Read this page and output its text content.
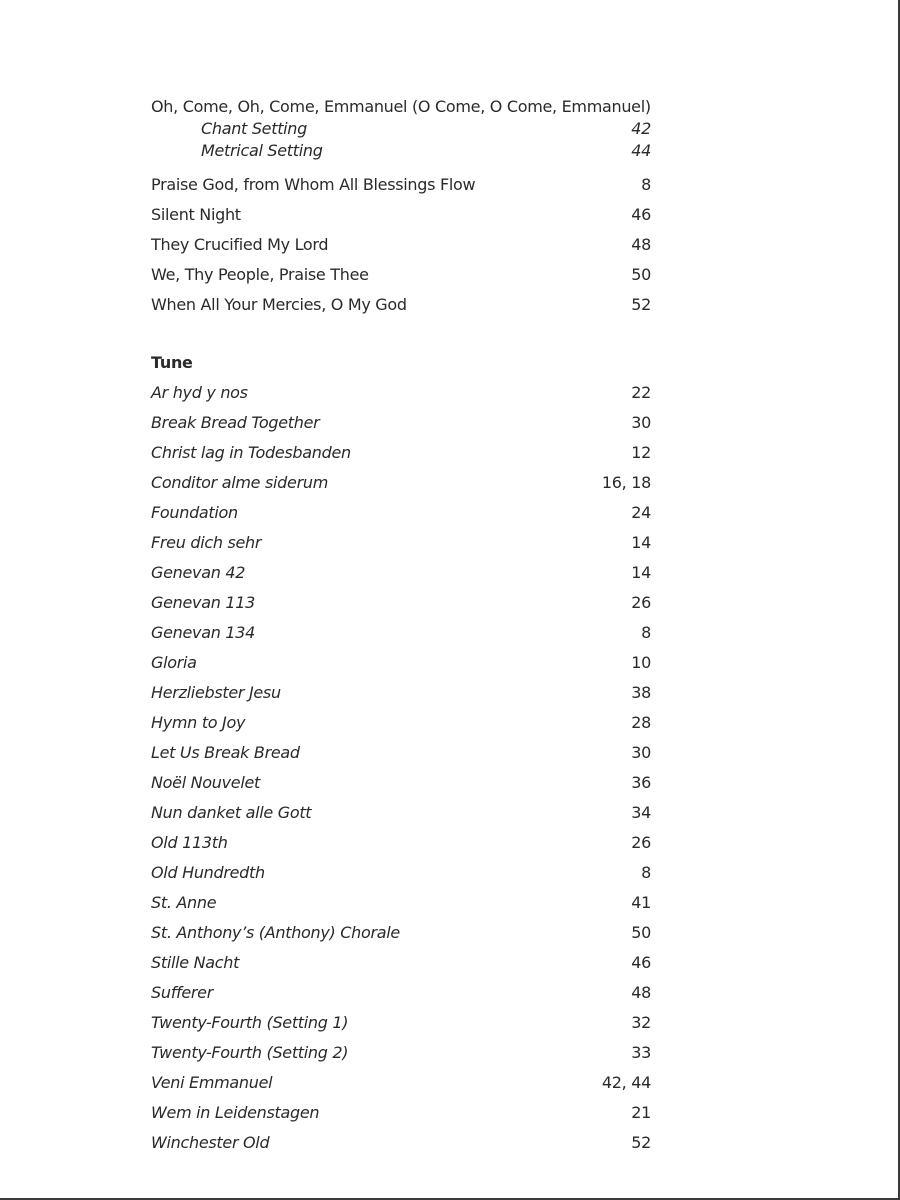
Oh, Come, Oh, Come, Emmanuel (O Come, O Come, Emmanuel)
Chant Setting	42
Metrical Setting	44
Praise God, from Whom All Blessings Flow	8
Silent Night	46
They Crucified My Lord	48
We, Thy People, Praise Thee	50
When All Your Mercies, O My God	52
Tune
Ar hyd y nos	22
Break Bread Together	30
Christ lag in Todesbanden	12
Conditor alme siderum	16, 18
Foundation	24
Freu dich sehr	14
Genevan 42	14
Genevan 113	26
Genevan 134	8
Gloria	10
Herzliebster Jesu	38
Hymn to Joy	28
Let Us Break Bread	30
Noël Nouvelet	36
Nun danket alle Gott	34
Old 113th	26
Old Hundredth	8
St. Anne	41
St. Anthony’s (Anthony) Chorale	50
Stille Nacht	46
Sufferer	48
Twenty-Fourth (Setting 1)	32
Twenty-Fourth (Setting 2)	33
Veni Emmanuel	42, 44
Wem in Leidenstagen	21
Winchester Old	52
